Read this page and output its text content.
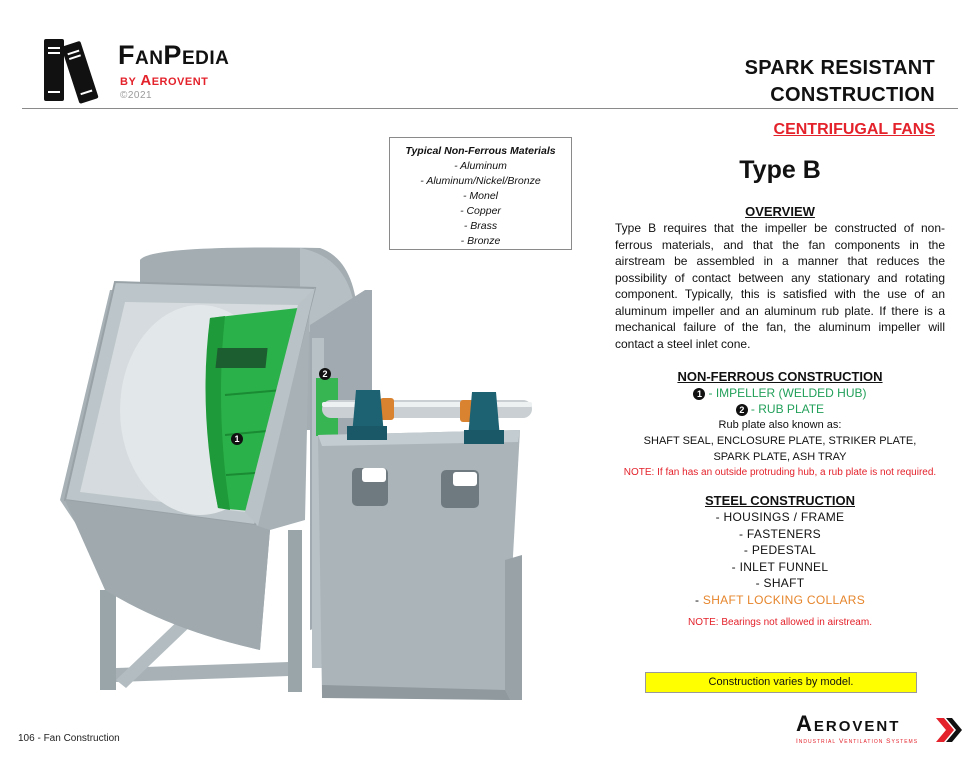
FanPedia
by Aerovent
©2021
SPARK RESISTANT
CONSTRUCTION
CENTRIFUGAL FANS
Typical Non-Ferrous Materials
- Aluminum
- Aluminum/Nickel/Bronze
- Monel
- Copper
- Brass
- Bronze
1
2
Type B
OVERVIEW
Type B requires that the impeller be constructed of non-ferrous materials, and that the fan components in the airstream be assembled in a manner that reduces the possibility of contact between any stationary and rotating component. Typically, this is satisfied with the use of an aluminum impeller and an aluminum rub plate. If there is a mechanical failure of the fan, the aluminum impeller will contact a steel inlet cone.
NON-FERROUS CONSTRUCTION
1 - IMPELLER (WELDED HUB)
2 - RUB PLATE
Rub plate also known as:
SHAFT SEAL, ENCLOSURE PLATE, STRIKER PLATE,
SPARK PLATE, ASH TRAY
NOTE: If fan has an outside protruding hub, a rub plate is not required.
STEEL CONSTRUCTION
- HOUSINGS / FRAME
- FASTENERS
- PEDESTAL
- INLET FUNNEL
- SHAFT
- SHAFT LOCKING COLLARS
NOTE: Bearings not allowed in airstream.
Construction varies by model.
106 - Fan Construction
Aerovent
Industrial Ventilation Systems
